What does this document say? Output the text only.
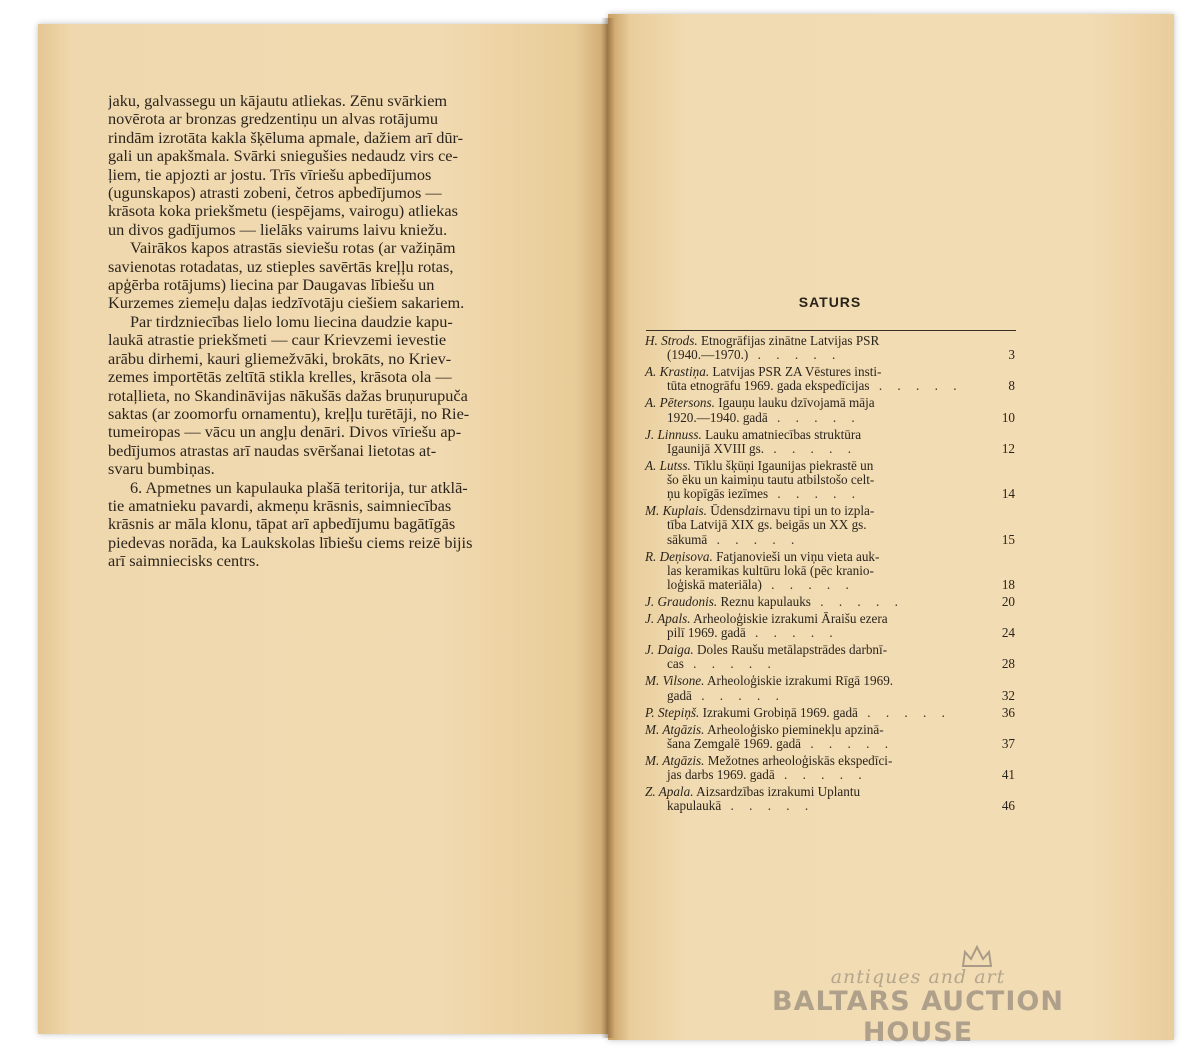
jaku, galvassegu un kājautu atliekas. Zēnu svārkiem
novērota ar bronzas gredzentiņu un alvas rotājumu
rindām izrotāta kakla šķēluma apmale, dažiem arī dūr-
gali un apakšmala. Svārki sniegušies nedaudz virs ce-
ļiem, tie apjozti ar jostu. Trīs vīriešu apbedījumos
(ugunskapos) atrasti zobeni, četros apbedījumos —
krāsota koka priekšmetu (iespējams, vairogu) atliekas
un divos gadījumos — lielāks vairums laivu kniežu.
Vairākos kapos atrastās sieviešu rotas (ar važiņām
savienotas rotadatas, uz stieples savērtās kreļļu rotas,
apģērba rotājums) liecina par Daugavas lībiešu un
Kurzemes ziemeļu daļas iedzīvotāju ciešiem sakariem.
Par tirdzniecības lielo lomu liecina daudzie kapu-
laukā atrastie priekšmeti — caur Krievzemi ievestie
arābu dirhemi, kauri gliemežvāki, brokāts, no Kriev-
zemes importētās zeltītā stikla krelles, krāsota ola —
rotaļlieta, no Skandināvijas nākušās dažas bruņurupuča
saktas (ar zoomorfu ornamentu), kreļļu turētāji, no Rie-
tumeiropas — vācu un angļu denāri. Divos vīriešu ap-
bedījumos atrastas arī naudas svēršanai lietotas at-
svaru bumbiņas.
6. Apmetnes un kapulauka plašā teritorija, tur atklā-
tie amatnieku pavardi, akmeņu krāsnis, saimniecības
krāsnis ar māla klonu, tāpat arī apbedījumu bagātīgās
piedevas norāda, ka Laukskolas lībiešu ciems reizē bijis
arī saimniecisks centrs.
SATURS
H. Strods. Etnogrāfijas zinātne Latvijas PSR
(1940.—1970.) . . . . .	3
A. Krastiņa. Latvijas PSR ZA Vēstures insti-
tūta etnogrāfu 1969. gada ekspedīcijas . . . . .	8
A. Pētersons. Igauņu lauku dzīvojamā māja
1920.—1940. gadā . . . . .	10
J. Linnuss. Lauku amatniecības struktūra
Igaunijā XVIII gs. . . . . .	12
A. Lutss. Tīklu šķūņi Igaunijas piekrastē un
šo ēku un kaimiņu tautu atbilstošo celt-
ņu kopīgās iezīmes . . . . .	14
M. Kuplais. Ūdensdzirnavu tipi un to izpla-
tība Latvijā XIX gs. beigās un XX gs.
sākumā . . . . .	15
R. Deņisova. Fatjanovieši un viņu vieta auk-
las keramikas kultūru lokā (pēc kranio-
loģiskā materiāla) . . . . .	18
J. Graudonis. Reznu kapulauks . . . . .	20
J. Apals. Arheoloģiskie izrakumi Āraišu ezera
pilī 1969. gadā . . . . .	24
J. Daiga. Doles Raušu metālapstrādes darbnī-
cas . . . . .	28
M. Vilsone. Arheoloģiskie izrakumi Rīgā 1969.
gadā . . . . .	32
P. Stepiņš. Izrakumi Grobiņā 1969. gadā . . . . .	36
M. Atgāzis. Arheoloģisko pieminekļu apzinā-
šana Zemgalē 1969. gadā . . . . .	37
M. Atgāzis. Mežotnes arheoloģiskās ekspedīci-
jas darbs 1969. gadā . . . . .	41
Z. Apala. Aizsardzības izrakumi Uplantu
kapulaukā . . . . .	46
antiques and art
BALTARS AUCTION HOUSE
